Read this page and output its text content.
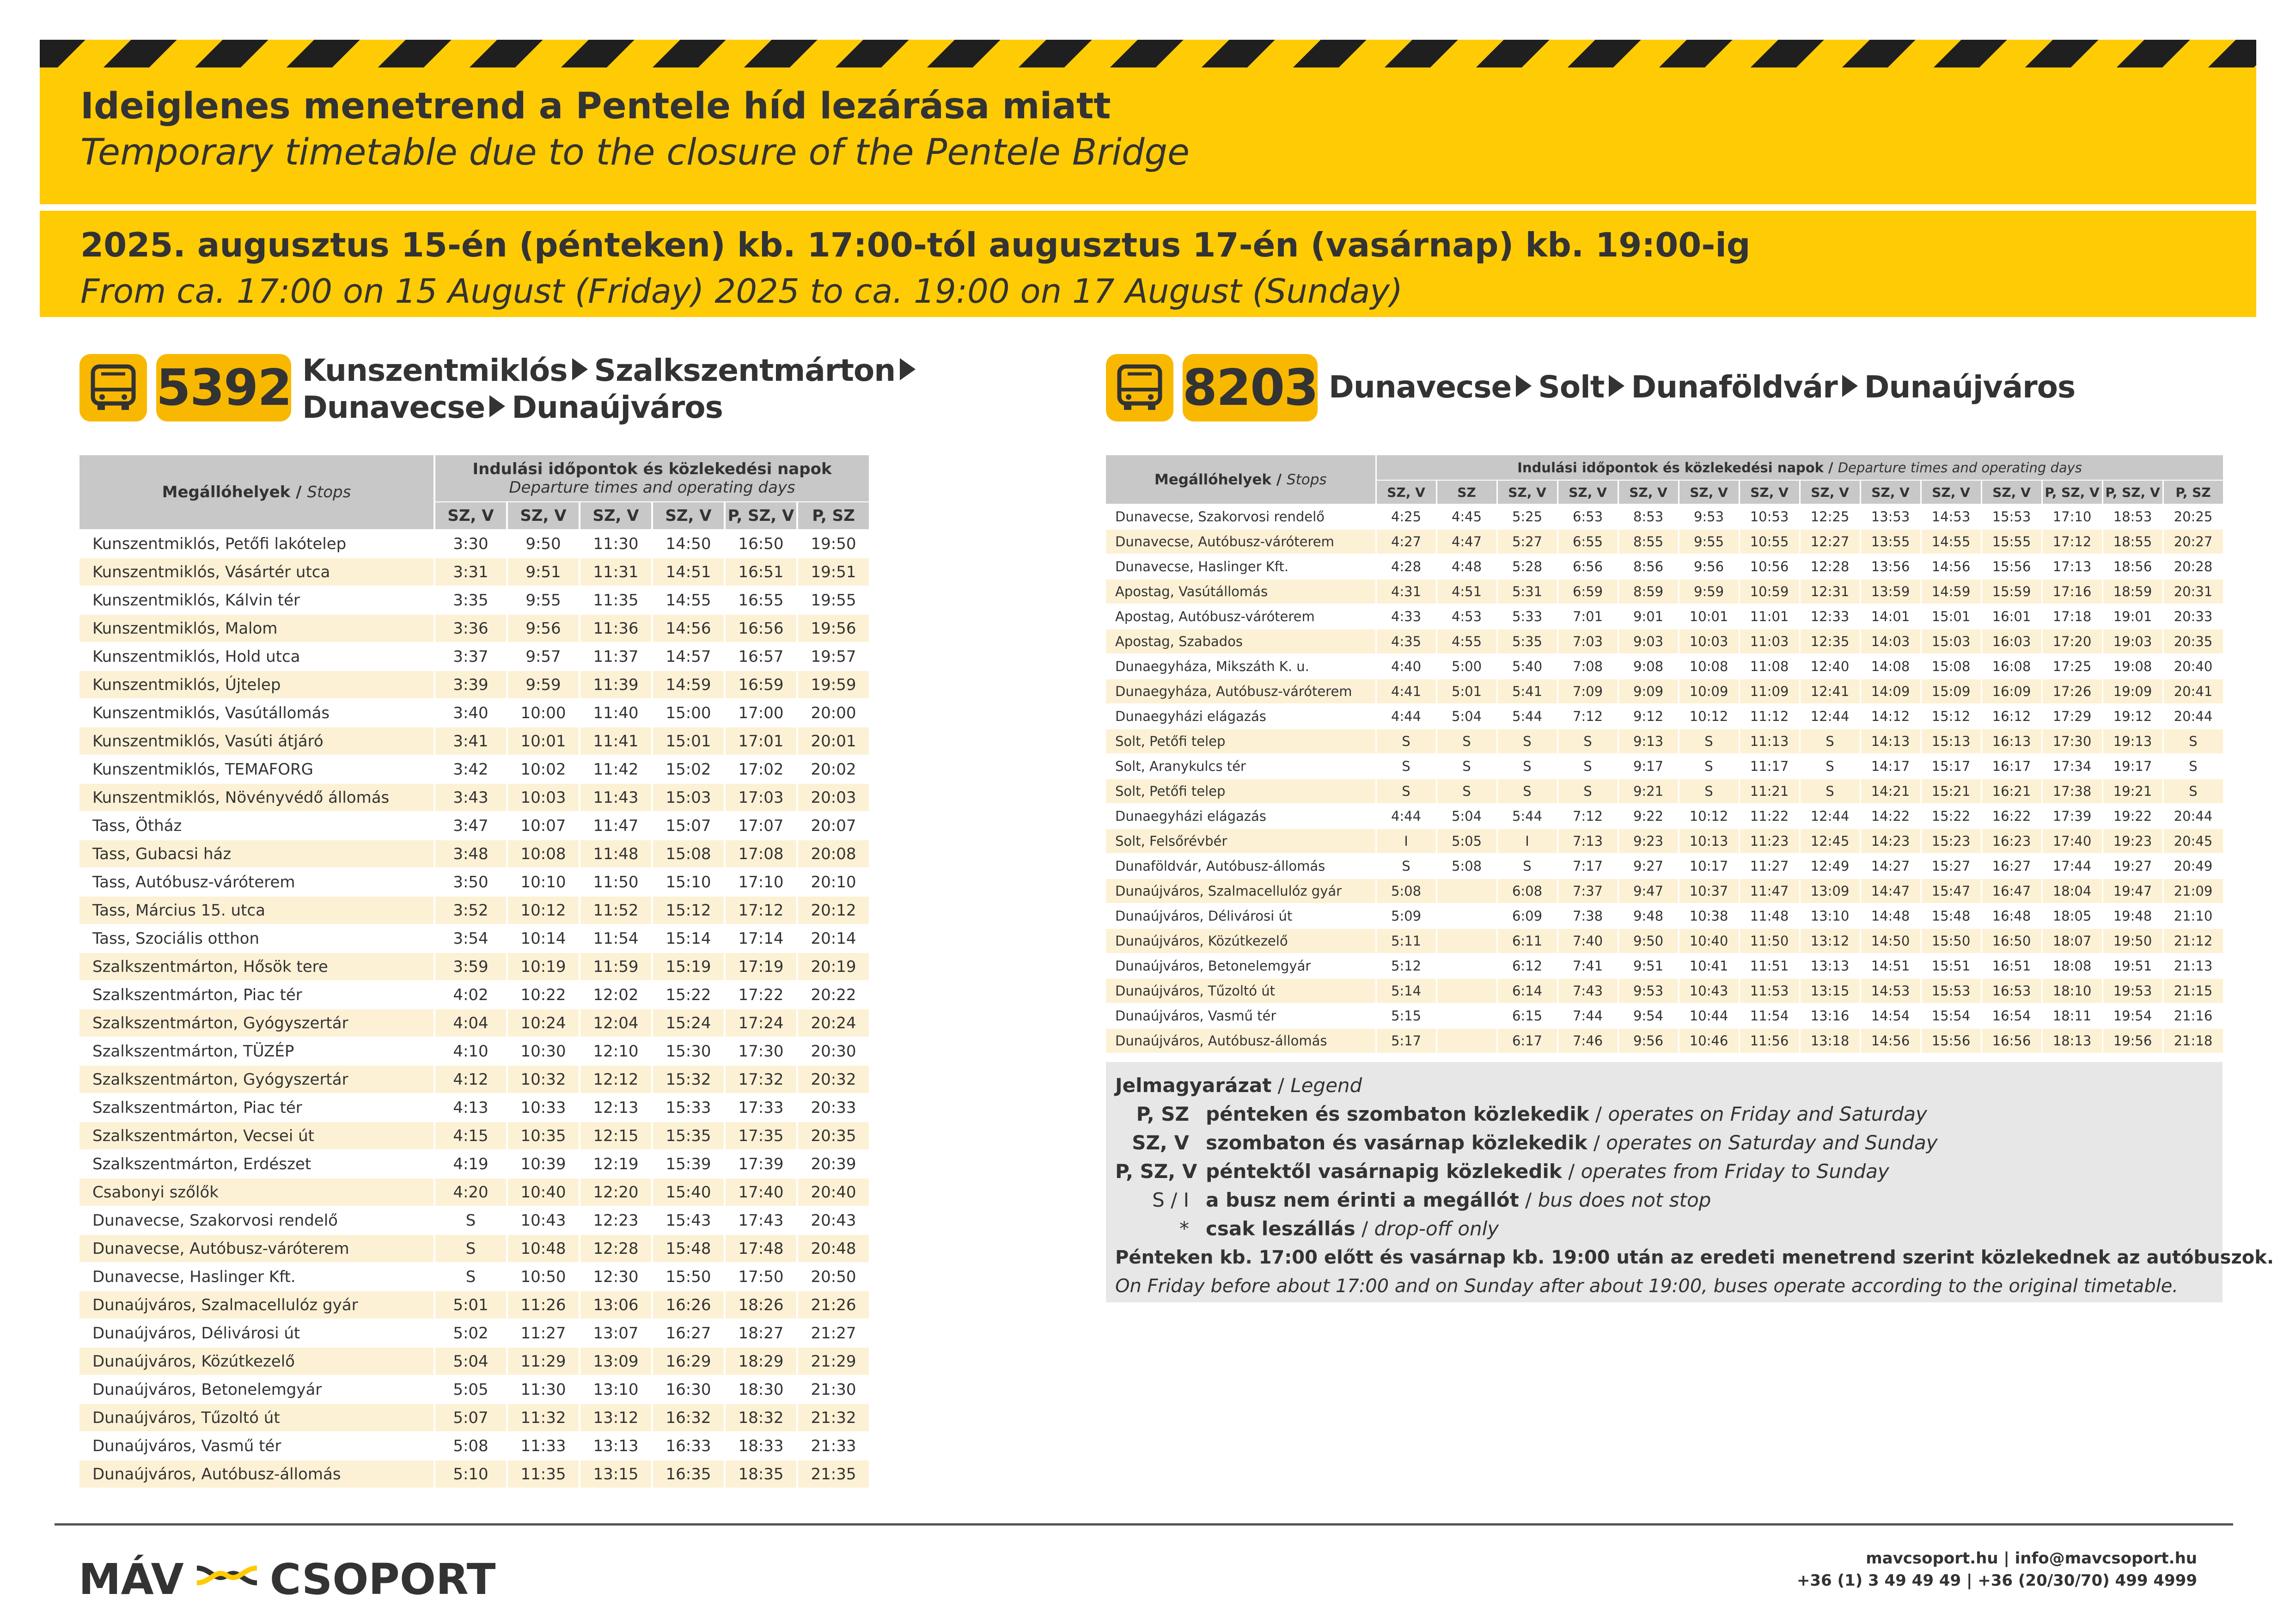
Ideiglenes menetrend a Pentele híd lezárása miatt
Temporary timetable due to the closure of the Pentele Bridge
2025. augusztus 15-én (pénteken) kb. 17:00-tól augusztus 17-én (vasárnap) kb. 19:00-ig
From ca. 17:00 on 15 August (Friday) 2025 to ca. 19:00 on 17 August (Sunday)
5392 Kunszentmiklós Szalkszentmárton
Dunavecse Dunaújváros	8203 Dunavecse Solt Dunaföldvár Dunaújváros
Megállóhelyek / Stops	Indulási időpontok és közlekedési napok
Departure times and operating days					
	SZ, V	SZ, V	SZ, V	SZ, V	P, SZ, V	P, SZ
Kunszentmiklós, Petőfi lakótelep	3:30	9:50	11:30	14:50	16:50	19:50
Kunszentmiklós, Vásártér utca	3:31	9:51	11:31	14:51	16:51	19:51
Kunszentmiklós, Kálvin tér	3:35	9:55	11:35	14:55	16:55	19:55
Kunszentmiklós, Malom	3:36	9:56	11:36	14:56	16:56	19:56
Kunszentmiklós, Hold utca	3:37	9:57	11:37	14:57	16:57	19:57
Kunszentmiklós, Újtelep	3:39	9:59	11:39	14:59	16:59	19:59
Kunszentmiklós, Vasútállomás	3:40	10:00	11:40	15:00	17:00	20:00
Kunszentmiklós, Vasúti átjáró	3:41	10:01	11:41	15:01	17:01	20:01
Kunszentmiklós, TEMAFORG	3:42	10:02	11:42	15:02	17:02	20:02
Kunszentmiklós, Növényvédő állomás	3:43	10:03	11:43	15:03	17:03	20:03
Tass, Ötház	3:47	10:07	11:47	15:07	17:07	20:07
Tass, Gubacsi ház	3:48	10:08	11:48	15:08	17:08	20:08
Tass, Autóbusz-váróterem	3:50	10:10	11:50	15:10	17:10	20:10
Tass, Március 15. utca	3:52	10:12	11:52	15:12	17:12	20:12
Tass, Szociális otthon	3:54	10:14	11:54	15:14	17:14	20:14
Szalkszentmárton, Hősök tere	3:59	10:19	11:59	15:19	17:19	20:19
Szalkszentmárton, Piac tér	4:02	10:22	12:02	15:22	17:22	20:22
Szalkszentmárton, Gyógyszertár	4:04	10:24	12:04	15:24	17:24	20:24
Szalkszentmárton, TÜZÉP	4:10	10:30	12:10	15:30	17:30	20:30
Szalkszentmárton, Gyógyszertár	4:12	10:32	12:12	15:32	17:32	20:32
Szalkszentmárton, Piac tér	4:13	10:33	12:13	15:33	17:33	20:33
Szalkszentmárton, Vecsei út	4:15	10:35	12:15	15:35	17:35	20:35
Szalkszentmárton, Erdészet	4:19	10:39	12:19	15:39	17:39	20:39
Csabonyi szőlők	4:20	10:40	12:20	15:40	17:40	20:40
Dunavecse, Szakorvosi rendelő	S	10:43	12:23	15:43	17:43	20:43
Dunavecse, Autóbusz-váróterem	S	10:48	12:28	15:48	17:48	20:48
Dunavecse, Haslinger Kft.	S	10:50	12:30	15:50	17:50	20:50
Dunaújváros, Szalmacellulóz gyár	5:01	11:26	13:06	16:26	18:26	21:26
Dunaújváros, Délivárosi út	5:02	11:27	13:07	16:27	18:27	21:27
Dunaújváros, Közútkezelő	5:04	11:29	13:09	16:29	18:29	21:29
Dunaújváros, Betonelemgyár	5:05	11:30	13:10	16:30	18:30	21:30
Dunaújváros, Tűzoltó út	5:07	11:32	13:12	16:32	18:32	21:32
Dunaújváros, Vasmű tér	5:08	11:33	13:13	16:33	18:33	21:33
Dunaújváros, Autóbusz-állomás	5:10	11:35	13:15	16:35	18:35	21:35
Megállóhelyek / Stops	Indulási időpontok és közlekedési napok / Departure times and operating days													
	SZ, V	SZ	SZ, V	SZ, V	SZ, V	SZ, V	SZ, V	SZ, V	SZ, V	SZ, V	SZ, V	P, SZ, V	P, SZ, V	P, SZ
Dunavecse, Szakorvosi rendelő	4:25	4:45	5:25	6:53	8:53	9:53	10:53	12:25	13:53	14:53	15:53	17:10	18:53	20:25
Dunavecse, Autóbusz-váróterem	4:27	4:47	5:27	6:55	8:55	9:55	10:55	12:27	13:55	14:55	15:55	17:12	18:55	20:27
Dunavecse, Haslinger Kft.	4:28	4:48	5:28	6:56	8:56	9:56	10:56	12:28	13:56	14:56	15:56	17:13	18:56	20:28
Apostag, Vasútállomás	4:31	4:51	5:31	6:59	8:59	9:59	10:59	12:31	13:59	14:59	15:59	17:16	18:59	20:31
Apostag, Autóbusz-váróterem	4:33	4:53	5:33	7:01	9:01	10:01	11:01	12:33	14:01	15:01	16:01	17:18	19:01	20:33
Apostag, Szabados	4:35	4:55	5:35	7:03	9:03	10:03	11:03	12:35	14:03	15:03	16:03	17:20	19:03	20:35
Dunaegyháza, Mikszáth K. u.	4:40	5:00	5:40	7:08	9:08	10:08	11:08	12:40	14:08	15:08	16:08	17:25	19:08	20:40
Dunaegyháza, Autóbusz-váróterem	4:41	5:01	5:41	7:09	9:09	10:09	11:09	12:41	14:09	15:09	16:09	17:26	19:09	20:41
Dunaegyházi elágazás	4:44	5:04	5:44	7:12	9:12	10:12	11:12	12:44	14:12	15:12	16:12	17:29	19:12	20:44
Solt, Petőfi telep	S	S	S	S	9:13	S	11:13	S	14:13	15:13	16:13	17:30	19:13	S
Solt, Aranykulcs tér	S	S	S	S	9:17	S	11:17	S	14:17	15:17	16:17	17:34	19:17	S
Solt, Petőfi telep	S	S	S	S	9:21	S	11:21	S	14:21	15:21	16:21	17:38	19:21	S
Dunaegyházi elágazás	4:44	5:04	5:44	7:12	9:22	10:12	11:22	12:44	14:22	15:22	16:22	17:39	19:22	20:44
Solt, Felsőrévbér	I	5:05	I	7:13	9:23	10:13	11:23	12:45	14:23	15:23	16:23	17:40	19:23	20:45
Dunaföldvár, Autóbusz-állomás	S	5:08	S	7:17	9:27	10:17	11:27	12:49	14:27	15:27	16:27	17:44	19:27	20:49
Dunaújváros, Szalmacellulóz gyár	5:08		6:08	7:37	9:47	10:37	11:47	13:09	14:47	15:47	16:47	18:04	19:47	21:09
Dunaújváros, Délivárosi út	5:09		6:09	7:38	9:48	10:38	11:48	13:10	14:48	15:48	16:48	18:05	19:48	21:10
Dunaújváros, Közútkezelő	5:11		6:11	7:40	9:50	10:40	11:50	13:12	14:50	15:50	16:50	18:07	19:50	21:12
Dunaújváros, Betonelemgyár	5:12		6:12	7:41	9:51	10:41	11:51	13:13	14:51	15:51	16:51	18:08	19:51	21:13
Dunaújváros, Tűzoltó út	5:14		6:14	7:43	9:53	10:43	11:53	13:15	14:53	15:53	16:53	18:10	19:53	21:15
Dunaújváros, Vasmű tér	5:15		6:15	7:44	9:54	10:44	11:54	13:16	14:54	15:54	16:54	18:11	19:54	21:16
Dunaújváros, Autóbusz-állomás	5:17		6:17	7:46	9:56	10:46	11:56	13:18	14:56	15:56	16:56	18:13	19:56	21:18
Jelmagyarázat / Legend
P, SZ pénteken és szombaton közlekedik / operates on Friday and Saturday
SZ, V szombaton és vasárnap közlekedik / operates on Saturday and Sunday
P, SZ, V péntektől vasárnapig közlekedik / operates from Friday to Sunday
S / I a busz nem érinti a megállót / bus does not stop
* csak leszállás / drop-off only
Pénteken kb. 17:00 előtt és vasárnap kb. 19:00 után az eredeti menetrend szerint közlekednek az autóbuszok.
On Friday before about 17:00 and on Sunday after about 19:00, buses operate according to the original timetable.
MÁV CSOPORT	mavcsoport.hu | info@mavcsoport.hu
+36 (1) 3 49 49 49 | +36 (20/30/70) 499 4999
